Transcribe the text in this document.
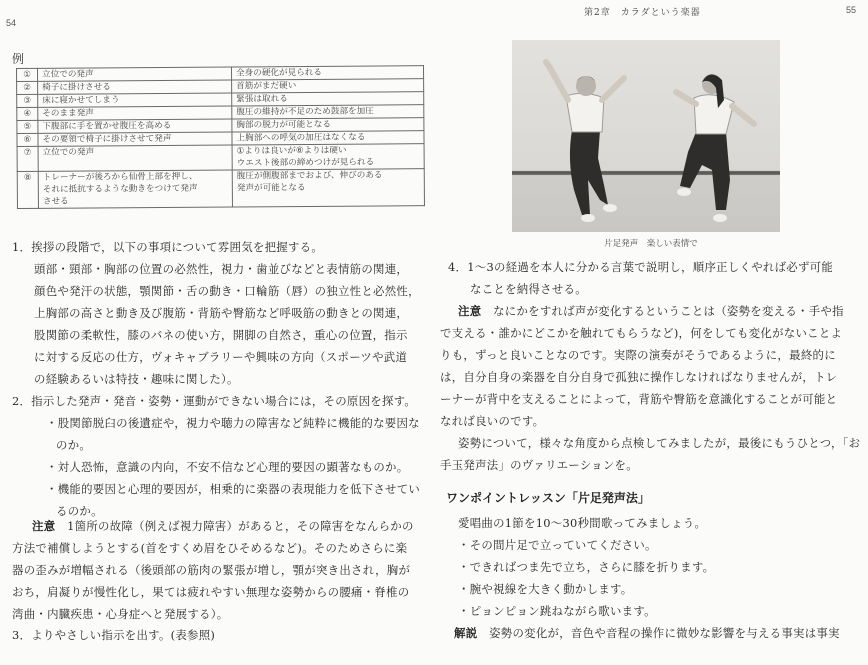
54
例
①	立位での発声	全身の硬化が見られる
②	椅子に掛けさせる	首筋がまだ硬い
③	床に寝かせてしまう	緊張は取れる
④	そのまま発声	腹圧の維持が不足のため鼓部を加圧
⑤	下腹部に手を置かせ腹圧を高める	胸部の脱力が可能となる
⑥	その要領で椅子に掛けさせて発声	上胸部への呼気の加圧はなくなる
⑦	立位での発声	①よりは良いが⑥よりは硬い
ウエスト後部の締めつけが見られる
⑧	トレーナーが後ろから仙骨上部を押し、
それに抵抗するような動きをつけて発声
させる	腹圧が側腹部までおよび、伸びのある
発声が可能となる
1．挨拶の段階で，以下の事項について雰囲気を把握する。
頭部・頸部・胸部の位置の必然性，視力・歯並びなどと表情筋の関連，
顔色や発汗の状態，顎関節・舌の動き・口輪筋（唇）の独立性と必然性，
上胸部の高さと動き及び腹筋・背筋や臀筋など呼吸筋の動きとの関連，
股関節の柔軟性，膝のバネの使い方，開脚の自然さ，重心の位置，指示
に対する反応の仕方，ヴォキャブラリーや興味の方向（スポーツや武道
の経験あるいは特技・趣味に関した）。
2．指示した発声・発音・姿勢・運動ができない場合には，その原因を探す。
・股関節脱臼の後遺症や，視力や聴力の障害など純粋に機能的な要因な
のか。
・対人恐怖，意識の内向，不安不信など心理的要因の顕著なものか。
・機能的要因と心理的要因が，相乗的に楽器の表現能力を低下させてい
るのか。
注意　1箇所の故障（例えば視力障害）があると，その障害をなんらかの
方法で補償しようとする(首をすくめ眉をひそめるなど)。そのためさらに楽
器の歪みが増幅される（後頭部の筋肉の緊張が増し，顎が突き出され，胸が
おち，肩凝りが慢性化し，果ては疲れやすい無理な姿勢からの腰痛・脊椎の
湾曲・内臓疾患・心身症へと発展する）。
3．よりやさしい指示を出す。(表参照)
第2章　カラダという楽器	55
片足発声　楽しい表情で
4．1～3の経過を本人に分かる言葉で説明し，順序正しくやれば必ず可能
なことを納得させる。
注意　なにかをすれば声が変化するということは（姿勢を変える・手や指
で支える・誰かにどこかを触れてもらうなど)，何をしても変化がないことよ
りも，ずっと良いことなのです。実際の演奏がそうであるように，最終的に
は，自分自身の楽器を自分自身で孤独に操作しなければなりませんが，トレ
ーナーが背中を支えることによって，背筋や臀筋を意識化することが可能と
なれば良いのです。
姿勢について，様々な角度から点検してみましたが，最後にもうひとつ，「お
手玉発声法」のヴァリエーションを。
ワンポイントレッスン「片足発声法」
愛唱曲の1節を10～30秒間歌ってみましょう。
・その間片足で立っていてください。
・できればつま先で立ち，さらに膝を折ります。
・腕や視線を大きく動かします。
・ピョンピョン跳ねながら歌います。
解説　姿勢の変化が，音色や音程の操作に微妙な影響を与える事実は事実
